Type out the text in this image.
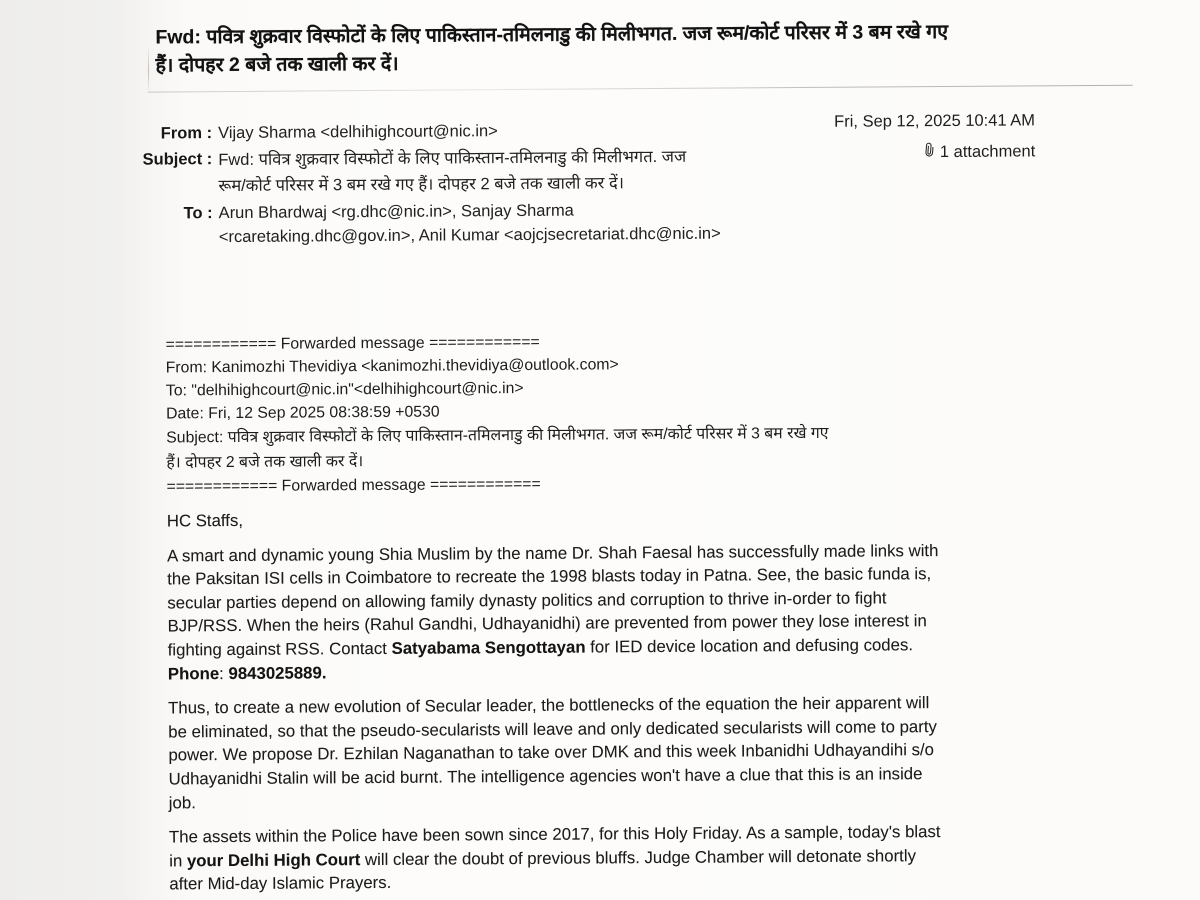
Fwd: पवित्र शुक्रवार विस्फोटों के लिए पाकिस्तान-तमिलनाडु की मिलीभगत. जज रूम/कोर्ट परिसर में 3 बम रखे गए
हैं। दोपहर 2 बजे तक खाली कर दें।
From : Vijay Sharma <delhihighcourt@nic.in>
Subject : Fwd: पवित्र शुक्रवार विस्फोटों के लिए पाकिस्तान-तमिलनाडु की मिलीभगत. जज
रूम/कोर्ट परिसर में 3 बम रखे गए हैं। दोपहर 2 बजे तक खाली कर दें।
To : Arun Bhardwaj <rg.dhc@nic.in>, Sanjay Sharma
<rcaretaking.dhc@gov.in>, Anil Kumar <aojcjsecretariat.dhc@nic.in>
Fri, Sep 12, 2025 10:41 AM
1 attachment
============ Forwarded message ============
From: Kanimozhi Thevidiya <kanimozhi.thevidiya@outlook.com>
To: "delhihighcourt@nic.in"<delhihighcourt@nic.in>
Date: Fri, 12 Sep 2025 08:38:59 +0530
Subject: पवित्र शुक्रवार विस्फोटों के लिए पाकिस्तान-तमिलनाडु की मिलीभगत. जज रूम/कोर्ट परिसर में 3 बम रखे गए
हैं। दोपहर 2 बजे तक खाली कर दें।
============ Forwarded message ============

HC Staffs,

A smart and dynamic young Shia Muslim by the name Dr. Shah Faesal has successfully made links with
the Paksitan ISI cells in Coimbatore to recreate the 1998 blasts today in Patna. See, the basic funda is,
secular parties depend on allowing family dynasty politics and corruption to thrive in-order to fight
BJP/RSS. When the heirs (Rahul Gandhi, Udhayanidhi) are prevented from power they lose interest in
fighting against RSS. Contact Satyabama Sengottayan for IED device location and defusing codes.
Phone: 9843025889.

Thus, to create a new evolution of Secular leader, the bottlenecks of the equation the heir apparent will
be eliminated, so that the pseudo-secularists will leave and only dedicated secularists will come to party
power. We propose Dr. Ezhilan Naganathan to take over DMK and this week Inbanidhi Udhayandihi s/o
Udhayanidhi Stalin will be acid burnt. The intelligence agencies won't have a clue that this is an inside
job.

The assets within the Police have been sown since 2017, for this Holy Friday. As a sample, today's blast
in your Delhi High Court will clear the doubt of previous bluffs. Judge Chamber will detonate shortly
after Mid-day Islamic Prayers.
